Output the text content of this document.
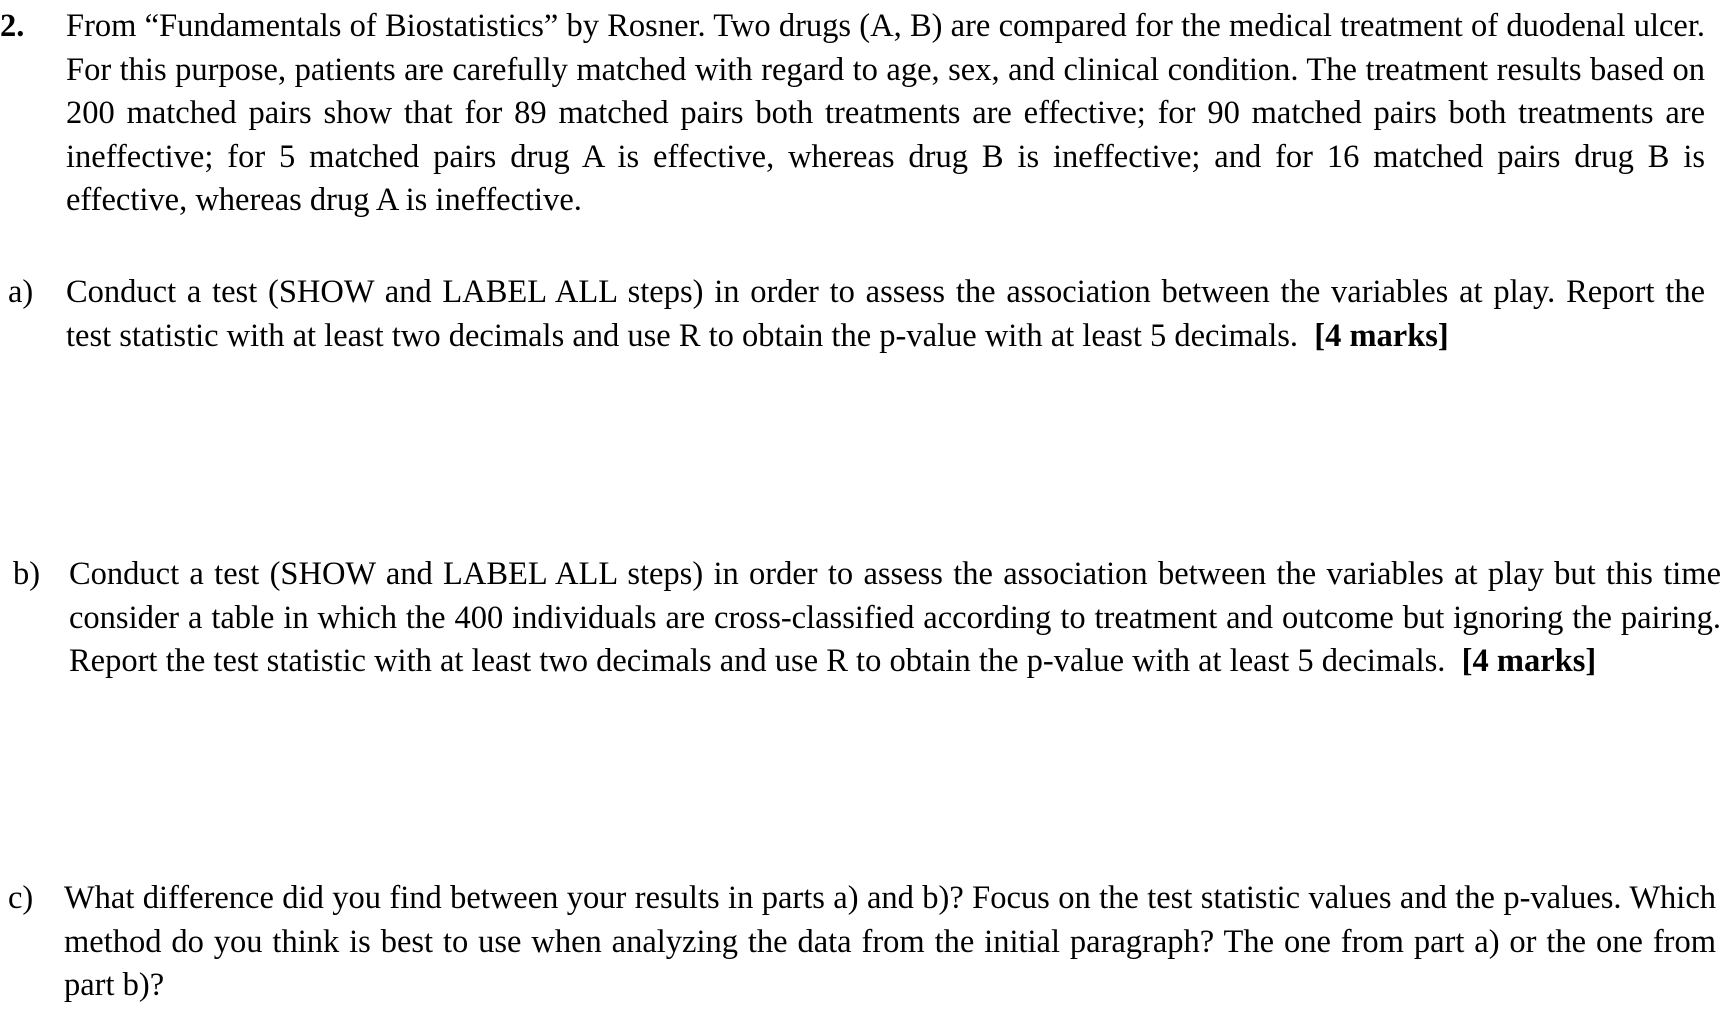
2. From “Fundamentals of Biostatistics” by Rosner. Two drugs (A, B) are compared for the medical treatment of duodenal ulcer. For this purpose, patients are carefully matched with regard to age, sex, and clinical condition. The treatment results based on 200 matched pairs show that for 89 matched pairs both treatments are effective; for 90 matched pairs both treatments are ineffective; for 5 matched pairs drug A is effective, whereas drug B is ineffective; and for 16 matched pairs drug B is effective, whereas drug A is ineffective.

a) Conduct a test (SHOW and LABEL ALL steps) in order to assess the association between the variables at play. Report the test statistic with at least two decimals and use R to obtain the p-value with at least 5 decimals. [4 marks]

b) Conduct a test (SHOW and LABEL ALL steps) in order to assess the association between the variables at play but this time consider a table in which the 400 individuals are cross-classified according to treatment and outcome but ignoring the pairing. Report the test statistic with at least two decimals and use R to obtain the p-value with at least 5 decimals. [4 marks]

c) What difference did you find between your results in parts a) and b)? Focus on the test statistic values and the p-values. Which method do you think is best to use when analyzing the data from the initial paragraph? The one from part a) or the one from part b)?
